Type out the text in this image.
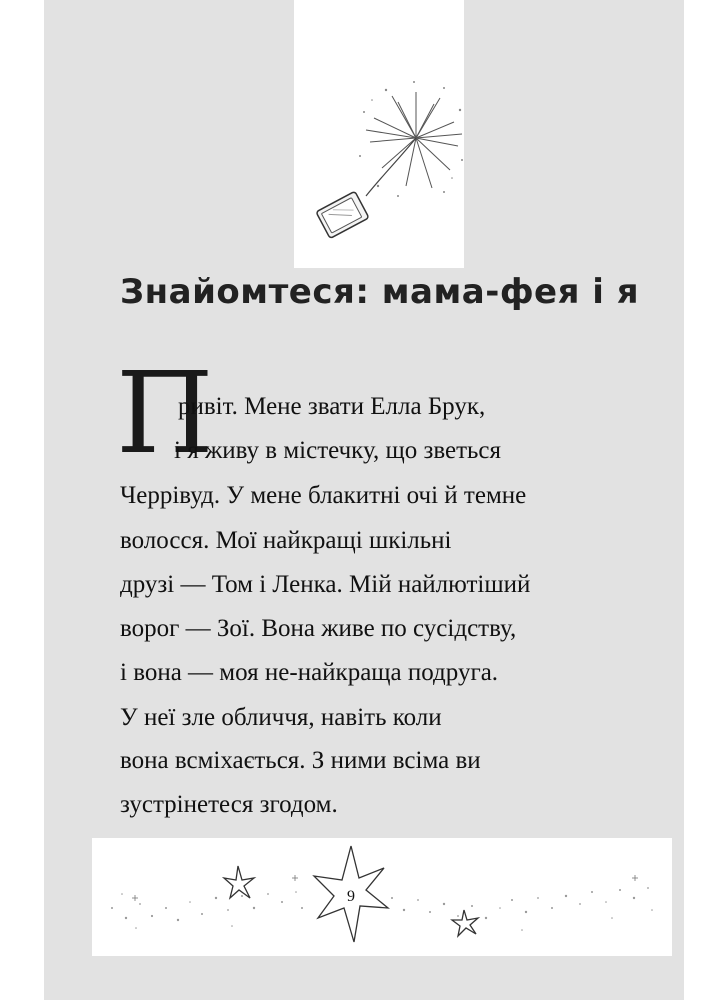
Знайомтеся: мама-фея і я
П
ривіт. Мене звати Елла Брук,
і я живу в містечку, що зветься
Черрівуд. У мене блакитні очі й темне
волосся. Мої найкращі шкільні
друзі — Том і Ленка. Мій найлютіший
ворог — Зої. Вона живе по сусідству,
і вона — моя не-найкраща подруга.
У неї зле обличчя, навіть коли
вона всміхається. З ними всіма ви
зустрінетеся згодом.
9
